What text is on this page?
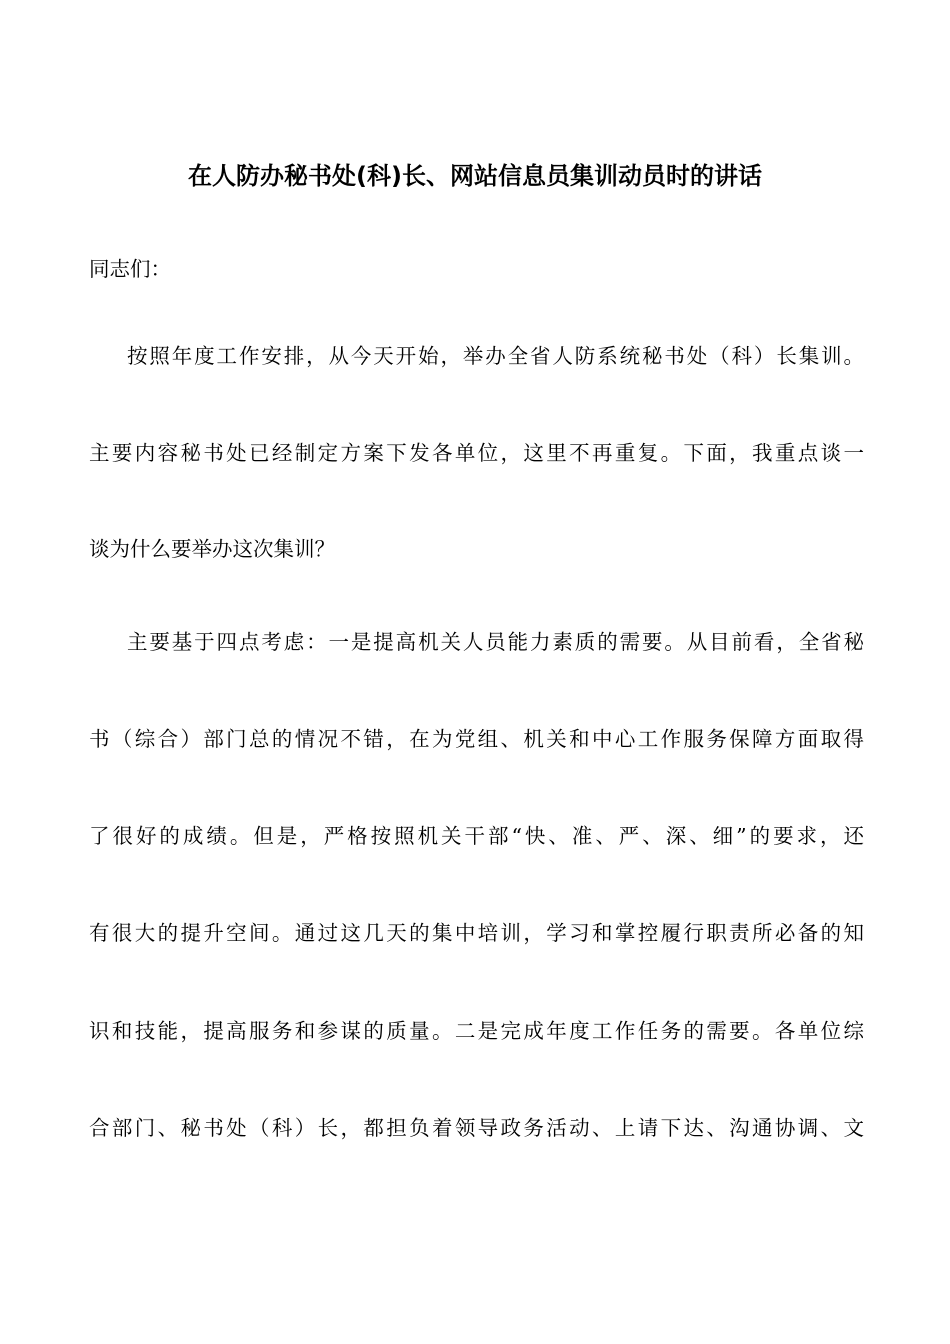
在人防办秘书处(科)长、网站信息员集训动员时的讲话
同志们：
按照年度工作安排，从今天开始，举办全省人防系统秘书处（科）长集训。
主要内容秘书处已经制定方案下发各单位，这里不再重复。下面，我重点谈一
谈为什么要举办这次集训？
主要基于四点考虑：一是提高机关人员能力素质的需要。从目前看，全省秘
书（综合）部门总的情况不错，在为党组、机关和中心工作服务保障方面取得
了很好的成绩。但是，严格按照机关干部“快、准、严、深、细”的要求，还
有很大的提升空间。通过这几天的集中培训，学习和掌控履行职责所必备的知
识和技能，提高服务和参谋的质量。二是完成年度工作任务的需要。各单位综
合部门、秘书处（科）长，都担负着领导政务活动、上请下达、沟通协调、文
